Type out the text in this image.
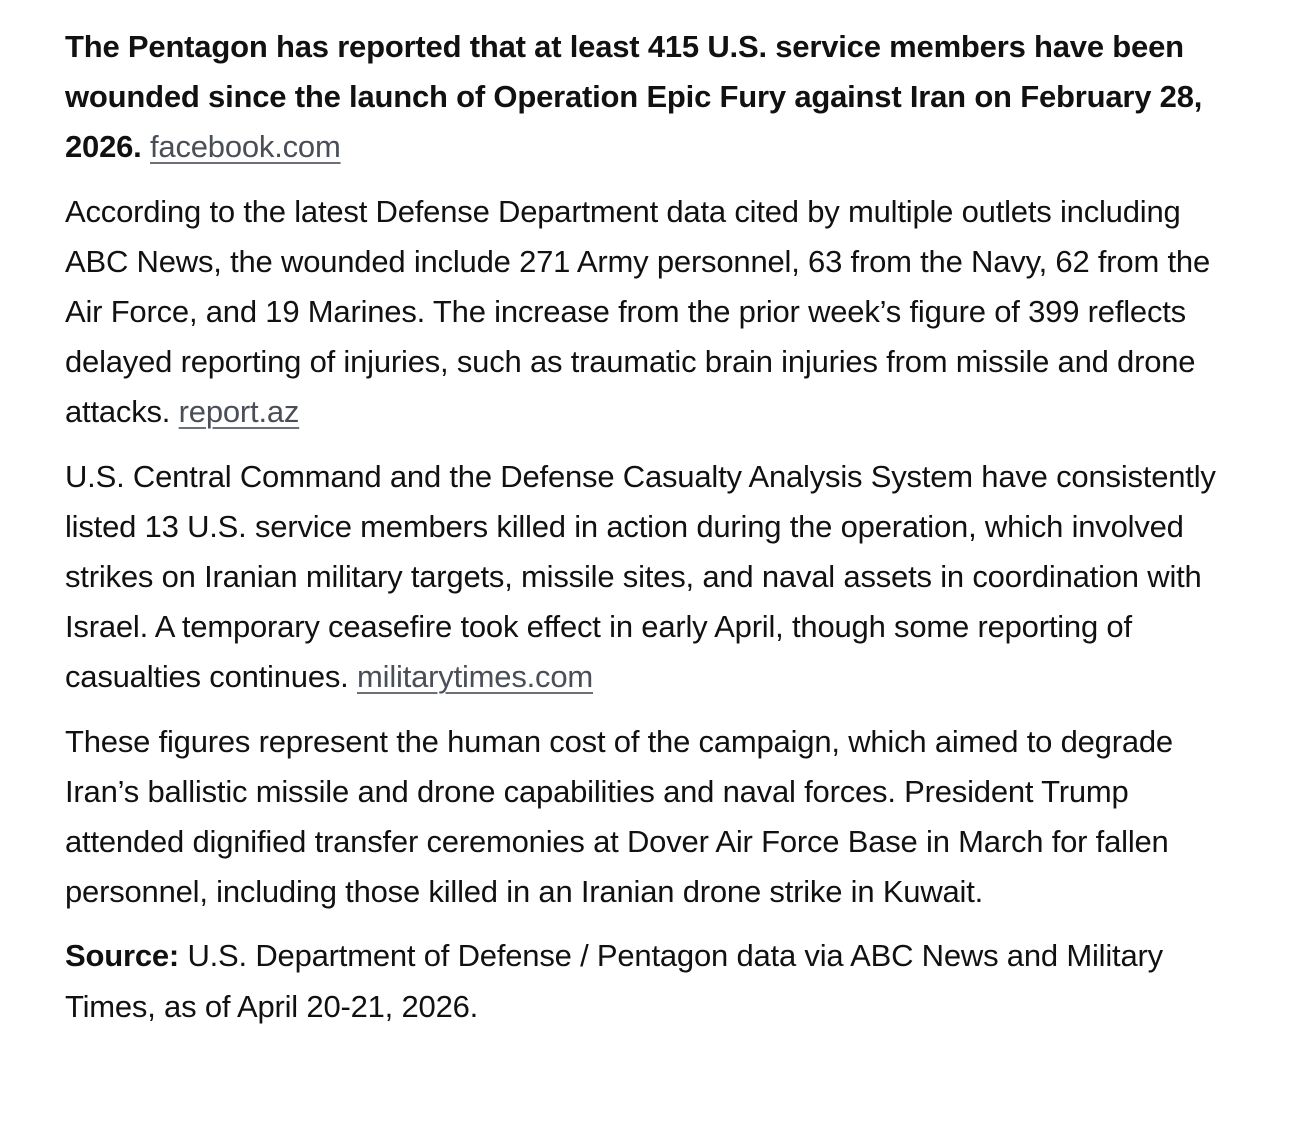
The Pentagon has reported that at least 415 U.S. service members have been wounded since the launch of Operation Epic Fury against Iran on February 28, 2026. facebook.com

According to the latest Defense Department data cited by multiple outlets including ABC News, the wounded include 271 Army personnel, 63 from the Navy, 62 from the Air Force, and 19 Marines. The increase from the prior week’s figure of 399 reflects delayed reporting of injuries, such as traumatic brain injuries from missile and drone attacks. report.az

U.S. Central Command and the Defense Casualty Analysis System have consistently listed 13 U.S. service members killed in action during the operation, which involved strikes on Iranian military targets, missile sites, and naval assets in coordination with Israel. A temporary ceasefire took effect in early April, though some reporting of casualties continues. militarytimes.com

These figures represent the human cost of the campaign, which aimed to degrade Iran’s ballistic missile and drone capabilities and naval forces. President Trump attended dignified transfer ceremonies at Dover Air Force Base in March for fallen personnel, including those killed in an Iranian drone strike in Kuwait.

Source: U.S. Department of Defense / Pentagon data via ABC News and Military Times, as of April 20-21, 2026.
